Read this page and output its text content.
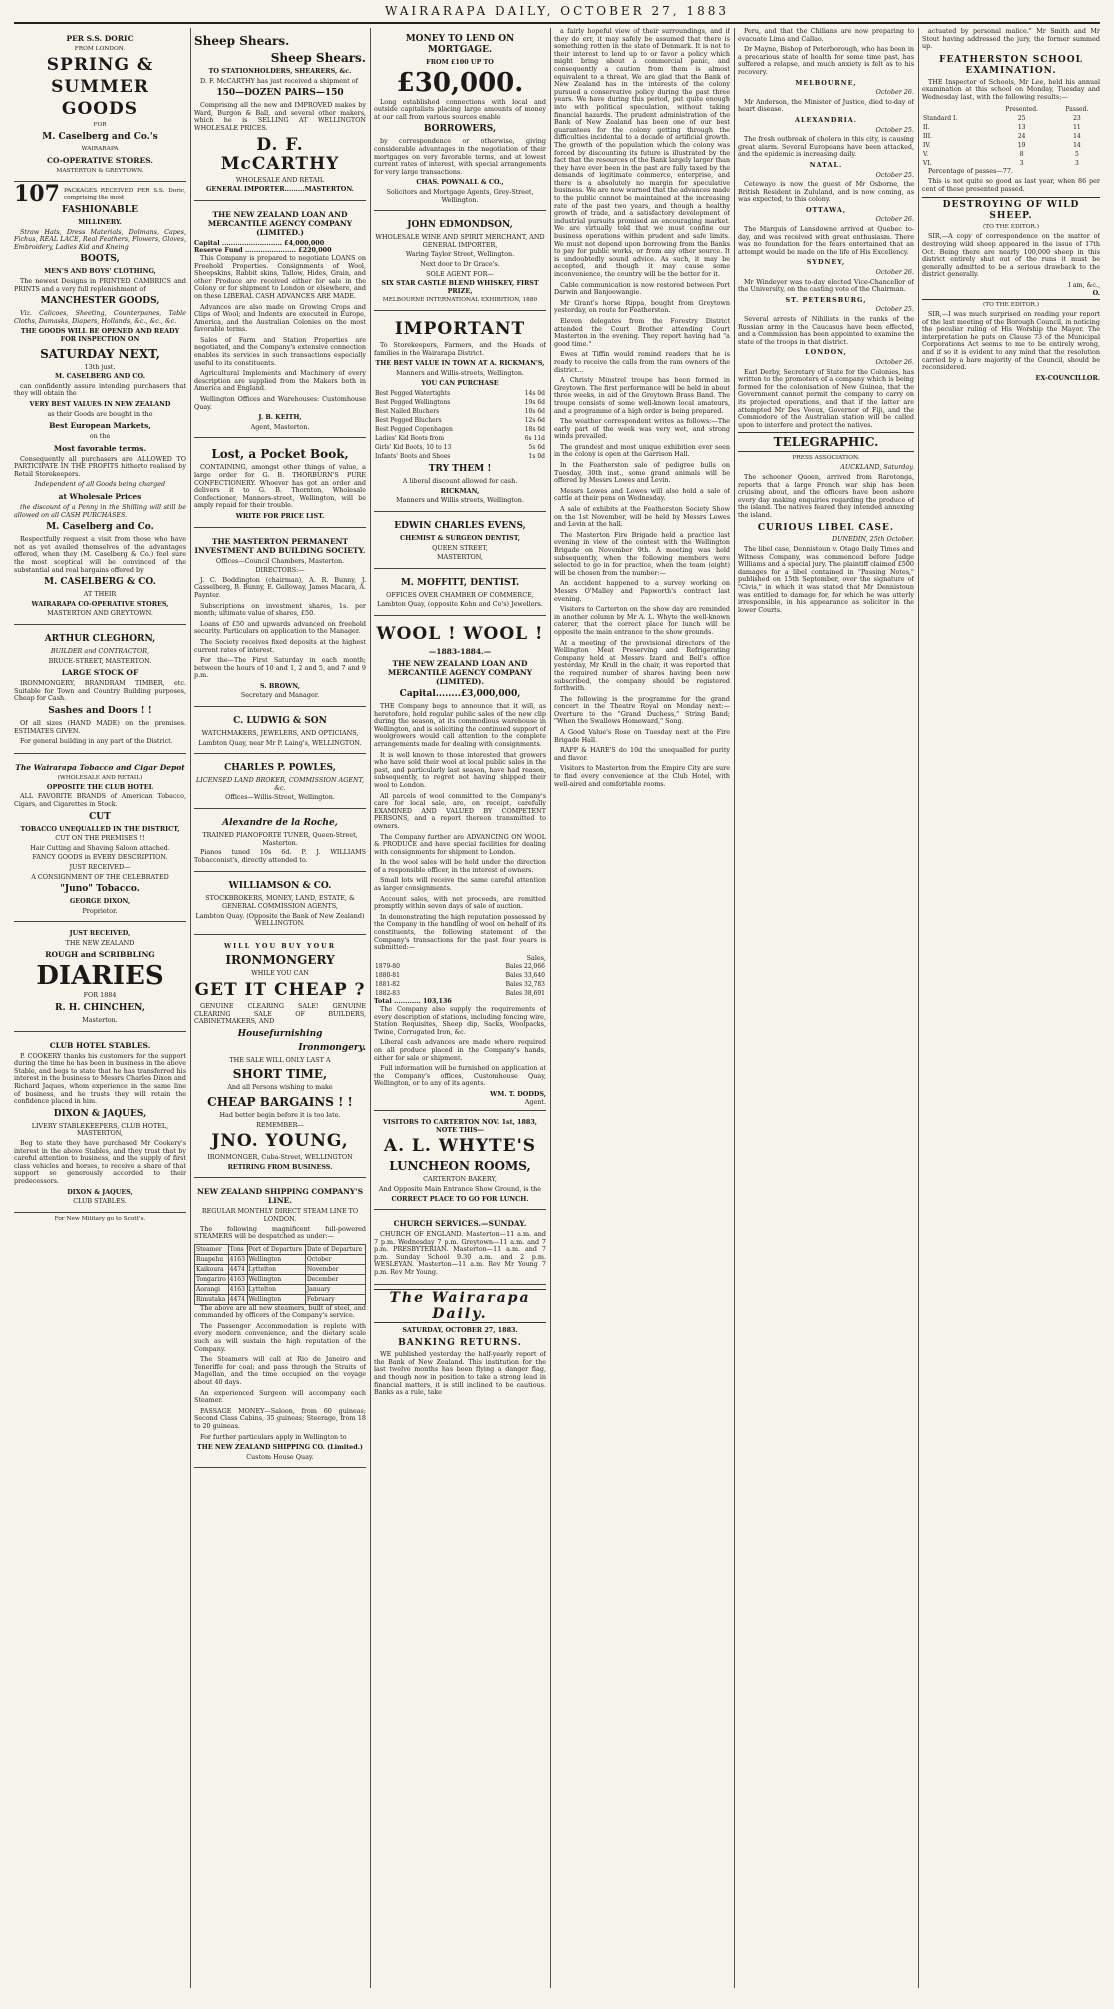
WAIRARAPA DAILY, OCTOBER 27, 1883
PER S.S. DORIC
FROM LONDON.
SPRING &
SUMMER
GOODS
FOR
M. Caselberg and Co.'s
WAIRARAPA
CO-OPERATIVE STORES.
MASTERTON & GREYTOWN.
107 PACKAGES RECEIVED PER S.S. Doric, comprising the most
FASHIONABLE
MILLINERY.

Straw Hats, Dress Materials, Dolmans, Capes, Fichus, REAL LACE, Real Feathers, Flowers, Gloves, Embroidery, Ladies Kid and Kneing

BOOTS,
MEN'S AND BOYS' CLOTHING,

The newest Designs in PRINTED CAMBRICS and PRINTS and a very full replenishment of

MANCHESTER GOODS,

Viz. Calicoes, Sheeting, Counterpanes, Table Cloths, Damasks, Diapers, Hollands, &c., &c., &c.

THE GOODS WILL BE OPENED AND READY FOR INSPECTION ON
SATURDAY NEXT,
13th just.
M. CASELBERG AND CO.

can confidently assure intending purchasers that they will obtain the

VERY BEST VALUES IN NEW ZEALAND
as their Goods are bought in the
Best European Markets,
on the
Most favorable terms.

Consequently all purchasers are ALLOWED TO PARTICIPATE IN THE PROFITS hitherto realised by Retail Storekeepers.

Independent of all Goods being charged
at Wholesale Prices

the discount of a Penny in the Shilling will still be allowed on all CASH PURCHASES.

M. Caselberg and Co.

Respectfully request a visit from those who have not as yet availed themselves of the advantages offered, when they (M. Caselberg & Co.) feel sure the most sceptical will be convinced of the substantial and real bargains offered by

M. CASELBERG & CO.
AT THEIR
WAIRARAPA CO-OPERATIVE STORES,
MASTERTON AND GREYTOWN.
ARTHUR CLEGHORN,
BUILDER and CONTRACTOR,
BRUCE-STREET, MASTERTON.
LARGE STOCK OF

IRONMONGERY, BRANDRAM TIMBER, etc. Suitable for Town and Country Building purposes, Cheap for Cash.

Sashes and Doors ! !

Of all sizes (HAND MADE) on the premises. ESTIMATES GIVEN.

For general building in any part of the District.

The Wairarapa Tobacco and Cigar Depot
(WHOLESALE AND RETAIL)
OPPOSITE THE CLUB HOTEL

ALL FAVORITE BRANDS of American Tobacco, Cigars, and Cigarettes in Stock.

CUT
TOBACCO UNEQUALLED IN THE DISTRICT,
CUT ON THE PREMISES !!
Hair Cutting and Shaving Saloon attached.
FANCY GOODS in EVERY DESCRIPTION.
JUST RECEIVED—
A CONSIGNMENT OF THE CELEBRATED
"Juno" Tobacco.
GEORGE DIXON,
Proprietor.
JUST RECEIVED,
THE NEW ZEALAND
ROUGH and SCRIBBLING
DIARIES
FOR 1884
R. H. CHINCHEN,
Masterton.
CLUB HOTEL STABLES.

P. COOKERY thanks his customers for the support during the time he has been in business in the above Stable, and begs to state that he has transferred his interest in the business to Messrs Charles Dixon and Richard Jaques, whom experience in the same line of business, and he trusts they will retain the confidence placed in him.

DIXON & JAQUES,
LIVERY STABLEKEEPERS, CLUB HOTEL, MASTERTON,

Beg to state they have purchased Mr Cookery's interest in the above Stables, and they trust that by careful attention to business, and the supply of first class vehicles and horses, to receive a share of that support so generously accorded to their predecessors.

DIXON & JAQUES,
CLUB STABLES.
For New Military go to Scott's.
Sheep Shears.
Sheep Shears.
TO STATIONHOLDERS, SHEARERS, &c.

D. F. McCARTHY has just received a shipment of

150—DOZEN PAIRS—150

Comprising all the new and IMPROVED makes by Ward, Burgon & Ball, and several other makers, which he is SELLING AT WELLINGTON WHOLESALE PRICES.

D. F. McCARTHY
WHOLESALE AND RETAIL
GENERAL IMPORTER.........MASTERTON.
THE NEW ZEALAND LOAN AND MERCANTILE AGENCY COMPANY (LIMITED.)
Capital ........................... £4,000,000
Reserve Fund ....................... £220,000

This Company is prepared to negotiate LOANS on Freehold Properties. Consignments of Wool, Sheepskins, Rabbit skins, Tallow, Hides, Grain, and other Produce are received either for sale in the Colony or for shipment to London or elsewhere, and on these LIBERAL CASH ADVANCES ARE MADE.

Advances are also made on Growing Crops and Clips of Wool; and Indents are executed in Europe, America, and the Australian Colonies on the most favorable terms.

Sales of Farm and Station Properties are negotiated, and the Company's extensive connection enables its services in such transactions especially useful to its constituents.

Agricultural Implements and Machinery of every description are supplied from the Makers both in America and England.

Wellington Offices and Warehouses: Customhouse Quay.

J. B. KEITH,
Agent, Masterton.
Lost, a Pocket Book,

CONTAINING, amongst other things of value, a large order for G. B. THORBURN'S PURE CONFECTIONERY. Whoever has got an order and delivers it to G. B. Thornton, Wholesale Confectioner, Manners-street, Wellington, will be amply repaid for their trouble.

WRITE FOR PRICE LIST.
THE MASTERTON PERMANENT INVESTMENT AND BUILDING SOCIETY.
Offices—Council Chambers, Masterton.
DIRECTORS:—

J. C. Boddington (chairman), A. R. Bunny, J. Casselberg, B. Bunny, E. Galloway, James Macara, A. Paynter.

Subscriptions on investment shares, 1s. per month; ultimate value of shares, £50.

Loans of £50 and upwards advanced on freehold security. Particulars on application to the Manager.

The Society receives fixed deposits at the highest current rates of interest.

For the—The First Saturday in each month; between the hours of 10 and 1, 2 and 5, and 7 and 9 p.m.

S. BROWN,
Secretary and Manager.
C. LUDWIG & SON
WATCHMAKERS, JEWELERS, AND OPTICIANS,
Lambton Quay, near Mr P. Laing's, WELLINGTON.
CHARLES P. POWLES,
LICENSED LAND BROKER, COMMISSION AGENT, &c.
Offices—Willis-Street, Wellington.
Alexandre de la Roche,
TRAINED PIANOFORTE TUNER, Queen-Street, Masterton.

Pianos tuned 10s 6d. P. J. WILLIAMS Tobacconist's, directly attended to.

WILLIAMSON & CO.
STOCKBROKERS, MONEY, LAND, ESTATE, & GENERAL COMMISSION AGENTS,
Lambton Quay. (Opposite the Bank of New Zealand) WELLINGTON.
WILL YOU BUY YOUR
IRONMONGERY
WHILE YOU CAN
GET IT CHEAP ?

GENUINE CLEARING SALE! GENUINE CLEARING SALE OF BUILDERS, CABINETMAKERS, AND

Housefurnishing
Ironmongery.
THE SALE WILL ONLY LAST A
SHORT TIME,
And all Persons wishing to make
CHEAP BARGAINS ! !
Had better begin before it is too late.
REMEMBER—
JNO. YOUNG,
IRONMONGER, Cuba-Street, WELLINGTON
RETIRING FROM BUSINESS.
NEW ZEALAND SHIPPING COMPANY'S LINE.
REGULAR MONTHLY DIRECT STEAM LINE TO LONDON.

The following magnificent full-powered STEAMERS will be despatched as under:—

Steamer	Tons	Port of Departure	Date of Departure
Ruapehu	4163	Wellington	October
Kaikoura	4474	Lyttelton	November
Tongariro	4163	Wellington	December
Aorangi	4163	Lyttelton	January
Rimutaka	4474	Wellington	February

The above are all new steamers, built of steel, and commanded by officers of the Company's service.

The Passenger Accommodation is replete with every modern convenience, and the dietary scale such as will sustain the high reputation of the Company.

The Steamers will call at Rio de Janeiro and Teneriffe for coal; and pass through the Straits of Magellan, and the time occupied on the voyage about 40 days.

An experienced Surgeon will accompany each Steamer.

PASSAGE MONEY—Saloon, from 60 guineas; Second Class Cabins, 35 guineas; Steerage, from 18 to 20 guineas.

For further particulars apply in Wellington to

THE NEW ZEALAND SHIPPING CO. (Limited.)
Custom House Quay.
MONEY TO LEND ON MORTGAGE.
FROM £100 UP TO
£30,000.

Long established connections with local and outside capitalists placing large amounts of money at our call from various sources enable

BORROWERS,

by correspondence or otherwise, giving considerable advantages in the negotiation of their mortgages on very favorable terms, and at lowest current rates of interest, with special arrangements for very large transactions.

CHAS. POWNALL & CO.,
Solicitors and Mortgage Agents, Grey-Street, Wellington.
JOHN EDMONDSON,
WHOLESALE WINE AND SPIRIT MERCHANT, AND GENERAL IMPORTER,
Waring Taylor Street, Wellington.
Next door to Dr Grace's.
SOLE AGENT FOR—
SIX STAR CASTLE BLEND WHISKEY, FIRST PRIZE,
MELBOURNE INTERNATIONAL EXHIBITION, 1880
IMPORTANT

To Storekeepers, Farmers, and the Heads of families in the Wairarapa District.

THE BEST VALUE IN TOWN AT A. RICKMAN'S,
Manners and Willis-streets, Wellington.
YOU CAN PURCHASE
Best Pegged Watertights	14s 0d
Best Pegged Wellingtons	19s 6d
Best Nailed Bluchers	10s 6d
Best Pegged Bluchers	12s 6d
Best Pegged Copenhagen	18s 6d
Ladies' Kid Boots from	6s 11d
Girls' Kid Boots, 10 to 13	5s 6d
Infants' Boots and Shoes	1s 0d
TRY THEM !
A liberal discount allowed for cash.
RICKMAN,
Manners and Willis streets, Wellington.
EDWIN CHARLES EVENS,
CHEMIST & SURGEON DENTIST,
QUEEN STREET,
MASTERTON,
M. MOFFITT, DENTIST.
OFFICES OVER CHAMBER OF COMMERCE,
Lambton Quay, (opposite Kohn and Co's) Jewellers.
WOOL ! WOOL !
—1883-1884.—
THE NEW ZEALAND LOAN AND MERCANTILE AGENCY COMPANY (LIMITED).
Capital........£3,000,000,

THE Company begs to announce that it will, as heretofore, hold regular public sales of the new clip during the season, at its commodious warehouse in Wellington, and is soliciting the continued support of woolgrowers would call attention to the complete arrangements made for dealing with consignments.

It is well known to those interested that growers who have sold their wool at local public sales in the past, and particularly last season, have had reason, subsequently, to regret not having shipped their wool to London.

All parcels of wool committed to the Company's care for local sale, are, on receipt, carefully EXAMINED AND VALUED BY COMPETENT PERSONS, and a report thereon transmitted to owners.

The Company further are ADVANCING ON WOOL & PRODUCE and have special facilities for dealing with consignments for shipment to London.

In the wool sales will be held under the direction of a responsible officer, in the interest of owners.

Small lots will receive the same careful attention as larger consignments.

Account sales, with net proceeds, are remitted promptly within seven days of sale of auction.

In demonstrating the high reputation possessed by the Company in the handling of wool on behalf of its constituents, the following statement of the Company's transactions for the past four years is submitted:—

Sales,
1879-80	Bales 22,066
1880-81	Bales 33,640
1881-82	Bales 32,783
1882-83	Bales 38,691
Total ............ 103,136

The Company also supply the requirements of every description of stations, including fencing wire, Station Requisites, Sheep dip, Sacks, Woolpacks, Twine, Corrugated Iron, &c.

Liberal cash advances are made where required on all produce placed in the Company's hands, either for sale or shipment.

Full information will be furnished on application at the Company's offices, Customhouse Quay, Wellington, or to any of its agents.

WM. T. DODDS,
Agent.
VISITORS TO CARTERTON NOV. 1st, 1883, NOTE THIS—
A. L. WHYTE'S
LUNCHEON ROOMS,
CARTERTON BAKERY,
And Opposite Main Entrance Show Ground, is the
CORRECT PLACE TO GO FOR LUNCH.
CHURCH SERVICES.—SUNDAY.

CHURCH OF ENGLAND. Masterton—11 a.m. and 7 p.m. Wednesday 7 p.m. Greytown—11 a.m. and 7 p.m. PRESBYTERIAN. Masterton—11 a.m. and 7 p.m. Sunday School 9.30 a.m. and 2 p.m. WESLEYAN. Masterton—11 a.m. Rev Mr Young 7 p.m. Rev Mr Young.

The Wairarapa Daily.
SATURDAY, OCTOBER 27, 1883.
BANKING RETURNS.

WE published yesterday the half-yearly report of the Bank of New Zealand. This institution for the last twelve months has been flying a danger flag, and though now in position to take a strong lead in financial matters, it is still inclined to be cautious. Banks as a rule, take

a fairly hopeful view of their surroundings, and if they do err, it may safely be assumed that there is something rotten in the state of Denmark. It is not to their interest to lend up to or favor a policy which might bring about a commercial panic, and consequently a caution from them is almost equivalent to a threat. We are glad that the Bank of New Zealand has in the interests of the colony pursued a conservative policy during the past three years. We have during this period, put quite enough into with political speculation, without taking financial hazards. The prudent administration of the Bank of New Zealand has been one of our best guarantees for the colony getting through the difficulties incidental to a decade of artificial growth. The growth of the population which the colony was forced by discounting its future is illustrated by the fact that the resources of the Bank largely larger than they have ever been in the past are fully taxed by the demands of legitimate commerce, enterprise, and there is a absolutely no margin for speculative business. We are now warned that the advances made to the public cannot be maintained at the increasing rate of the past two years, and though a healthy growth of trade, and a satisfactory development of industrial pursuits promised an encouraging market. We are virtually told that we must confine our business operations within prudent and safe limits. We must not depend upon borrowing from the Banks to pay for public works, or from any other source. It is undoubtedly sound advice. As such, it may be accepted, and though it may cause some inconvenience, the country will be the better for it.

Cable communication is now restored between Port Darwin and Banjoewangie.

Mr Grant's horse Rippa, bought from Greytown yesterday, en route for Featherston.

Eleven delegates from the Forestry District attended the Court Brother attending Court Masterton in the evening. They report having had "a good time."

Ewes at Tiffin would remind readers that he is ready to receive the calls from the ram owners of the district...

A Christy Minstrel troupe has been formed in Greytown. The first performance will be held in about three weeks, in aid of the Greytown Brass Band. The troupe consists of some well-known local amateurs, and a programme of a high order is being prepared.

The weather correspondent writes as follows:—The early part of the week was very wet, and strong winds prevailed.

The grandest and most unique exhibition ever seen in the colony is open at the Garrison Hall.

In the Featherston sale of pedigree bulls on Tuesday, 30th inst., some grand animals will be offered by Messrs Lowes and Levin.

Messrs Lowes and Lowes will also hold a sale of cattle at their pens on Wednesday.

A sale of exhibits at the Featherston Society Show on the 1st November, will be held by Messrs Lowes and Levin at the hall.

The Masterton Fire Brigade held a practice last evening in view of the contest with the Wellington Brigade on November 9th. A meeting was held subsequently, when the following members were selected to go in for practice, when the team (eight) will be chosen from the number:—

An accident happened to a survey working on Messrs O'Malley and Papworth's contract last evening.

Visitors to Carterton on the show day are reminded in another column by Mr A. L. Whyte the well-known caterer, that the correct place for lunch will be opposite the main entrance to the show grounds.

At a meeting of the provisional directors of the Wellington Meat Preserving and Refrigerating Company held at Messrs Izard and Bell's office yesterday, Mr Krull in the chair, it was reported that the required number of shares having been now subscribed, the company should be registered forthwith.

The following is the programme for the grand concert in the Theatre Royal on Monday next:—Overture to the "Grand Duchess," String Band; "When the Swallows Homeward," Song.

A Good Value's Rose on Tuesday next at the Fire Brigade Hall.

RAPP & HARE'S do 10d the unequalled for purity and flavor.

Visitors to Masterton from the Empire City are sure to find every convenience at the Club Hotel, with well-aired and comfortable rooms.

Peru, and that the Chilians are now preparing to evacuate Lima and Callao.

Dr Mayne, Bishop of Peterborough, who has been in a precarious state of health for some time past, has suffered a relapse, and much anxiety is felt as to his recovery.

MELBOURNE,
October 26.

Mr Anderson, the Minister of Justice, died to-day of heart disease.

ALEXANDRIA.
October 25.

The fresh outbreak of cholera in this city, is causing great alarm. Several Europeans have been attacked, and the epidemic is increasing daily.

NATAL.
October 25.

Cetewayo is now the guest of Mr Osborne, the British Resident in Zululand, and is now coming, as was expected, to this colony.

OTTAWA,
October 26.

The Marquis of Lansdowne arrived at Quebec to-day, and was received with great enthusiasm. There was no foundation for the fears entertained that an attempt would be made on the life of His Excellency.

SYDNEY,
October 26.

Mr Windeyer was to-day elected Vice-Chancellor of the University, on the casting vote of the Chairman.

ST. PETERSBURG,
October 25.

Several arrests of Nihilists in the ranks of the Russian army in the Caucasus have been effected, and a Commission has been appointed to examine the state of the troops in that district.

LONDON,
October 26.

Earl Derby, Secretary of State for the Colonies, has written to the promoters of a company which is being formed for the colonisation of New Guinea, that the Government cannot permit the company to carry on its projected operations, and that if the latter are attempted Mr Des Voeux, Governor of Fiji, and the Commodore of the Australian station will be called upon to interfere and protect the natives.

TELEGRAPHIC.
PRESS ASSOCIATION.
AUCKLAND, Saturday.

The schooner Quoen, arrived from Rarotonga, reports that a large French war ship has been cruising about, and the officers have been ashore every day making enquiries regarding the produce of the island. The natives feared they intended annexing the island.

CURIOUS LIBEL CASE.
DUNEDIN, 25th October.

The libel case, Dennistoun v. Otago Daily Times and Witness Company, was commenced before Judge Williams and a special jury. The plaintiff claimed £500 damages for a libel contained in "Passing Notes," published on 15th September, over the signature of "Civis," in which it was stated that Mr Dennistoun was entitled to damage for, for which he was utterly irresponsible, in his appearance as solicitor in the lower Courts.

actuated by personal malice." Mr Smith and Mr Stout having addressed the jury, the former summed up.

FEATHERSTON SCHOOL EXAMINATION.

THE Inspector of Schools, Mr Lee, held his annual examination at this school on Monday, Tuesday and Wednesday last, with the following results:—

	Presented.	Passed.
Standard I.	25	23
II.	13	11
III.	24	14
IV.	19	14
V.	8	5
VI.	3	3

Percentage of passes—77.

This is not quite so good as last year, when 86 per cent of these presented passed.

DESTROYING OF WILD SHEEP.
(TO THE EDITOR.)

SIR,—A copy of correspondence on the matter of destroying wild sheep appeared in the issue of 17th Oct. Being there are nearly 100,000 sheep in this district entirely shut out of the runs it must be generally admitted to be a serious drawback to the district generally.

I am, &c.,
O.
(TO THE EDITOR.)

SIR,—I was much surprised on reading your report of the last meeting of the Borough Council, in noticing the peculiar ruling of His Worship the Mayor. The interpretation he puts on Clause 73 of the Municipal Corporations Act seems to me to be entirely wrong, and if so it is evident to any mind that the resolution carried by a bare majority of the Council, should be reconsidered.

EX-COUNCILLOR.
